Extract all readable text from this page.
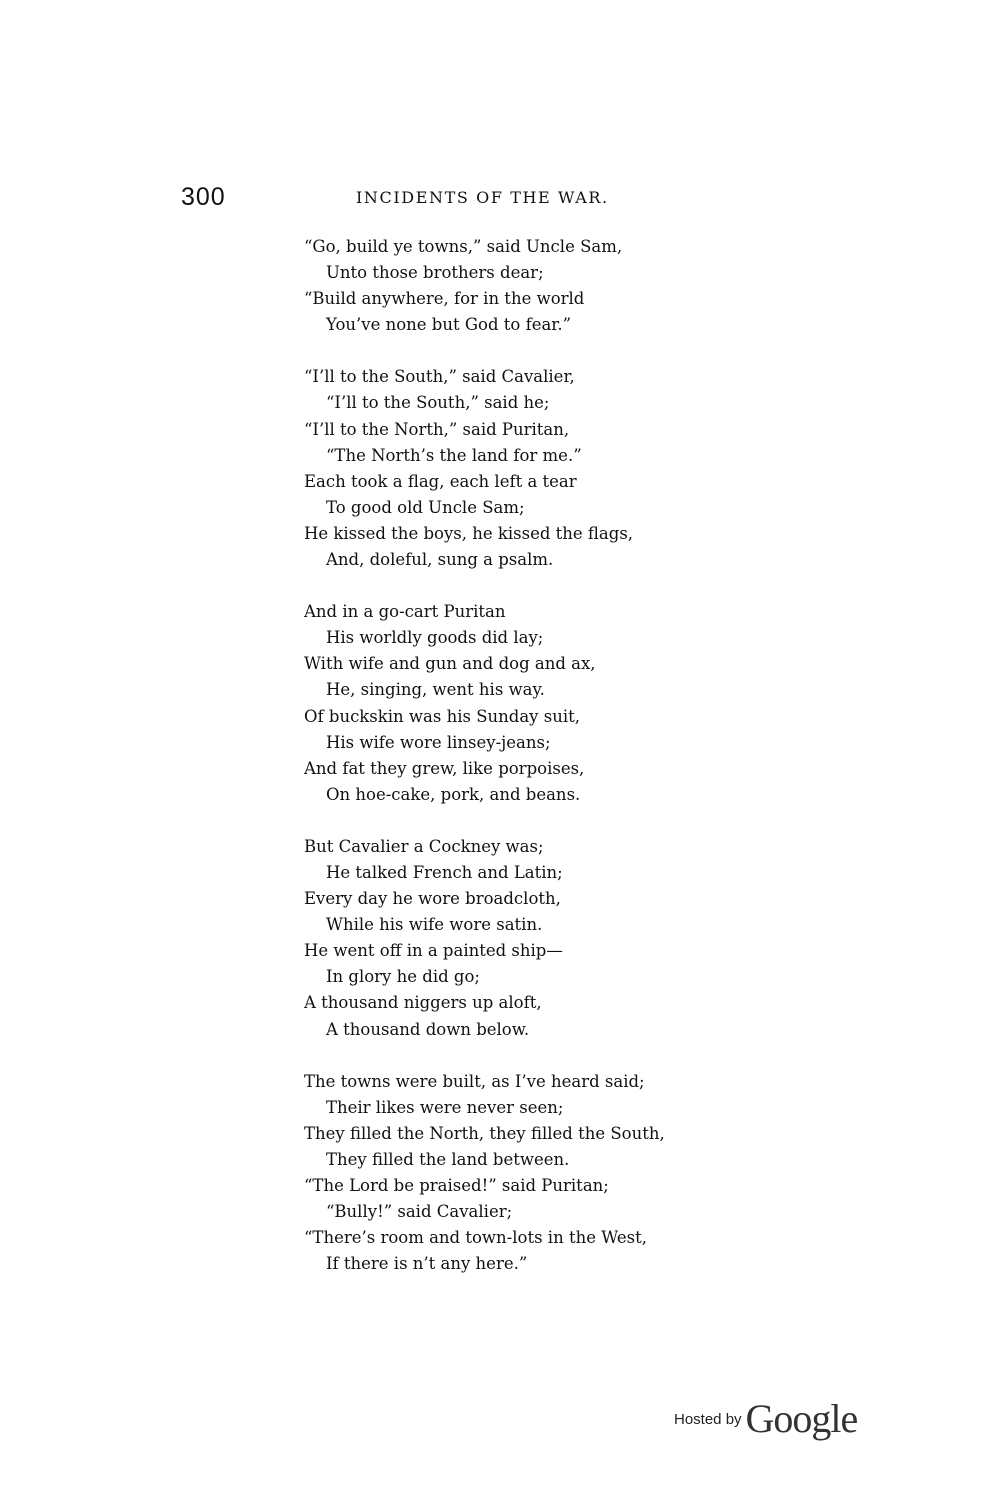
300	INCIDENTS OF THE WAR.
“Go, build ye towns,” said Uncle Sam,
Unto those brothers dear;
“Build anywhere, for in the world
You’ve none but God to fear.”
“I’ll to the South,” said Cavalier,
“I’ll to the South,” said he;
“I’ll to the North,” said Puritan,
“The North’s the land for me.”
Each took a flag, each left a tear
To good old Uncle Sam;
He kissed the boys, he kissed the flags,
And, doleful, sung a psalm.
And in a go-cart Puritan
His worldly goods did lay;
With wife and gun and dog and ax,
He, singing, went his way.
Of buckskin was his Sunday suit,
His wife wore linsey-jeans;
And fat they grew, like porpoises,
On hoe-cake, pork, and beans.
But Cavalier a Cockney was;
He talked French and Latin;
Every day he wore broadcloth,
While his wife wore satin.
He went off in a painted ship—
In glory he did go;
A thousand niggers up aloft,
A thousand down below.
The towns were built, as I’ve heard said;
Their likes were never seen;
They filled the North, they filled the South,
They filled the land between.
“The Lord be praised!” said Puritan;
“Bully!” said Cavalier;
“There’s room and town-lots in the West,
If there is n’t any here.”
Hosted by Google
